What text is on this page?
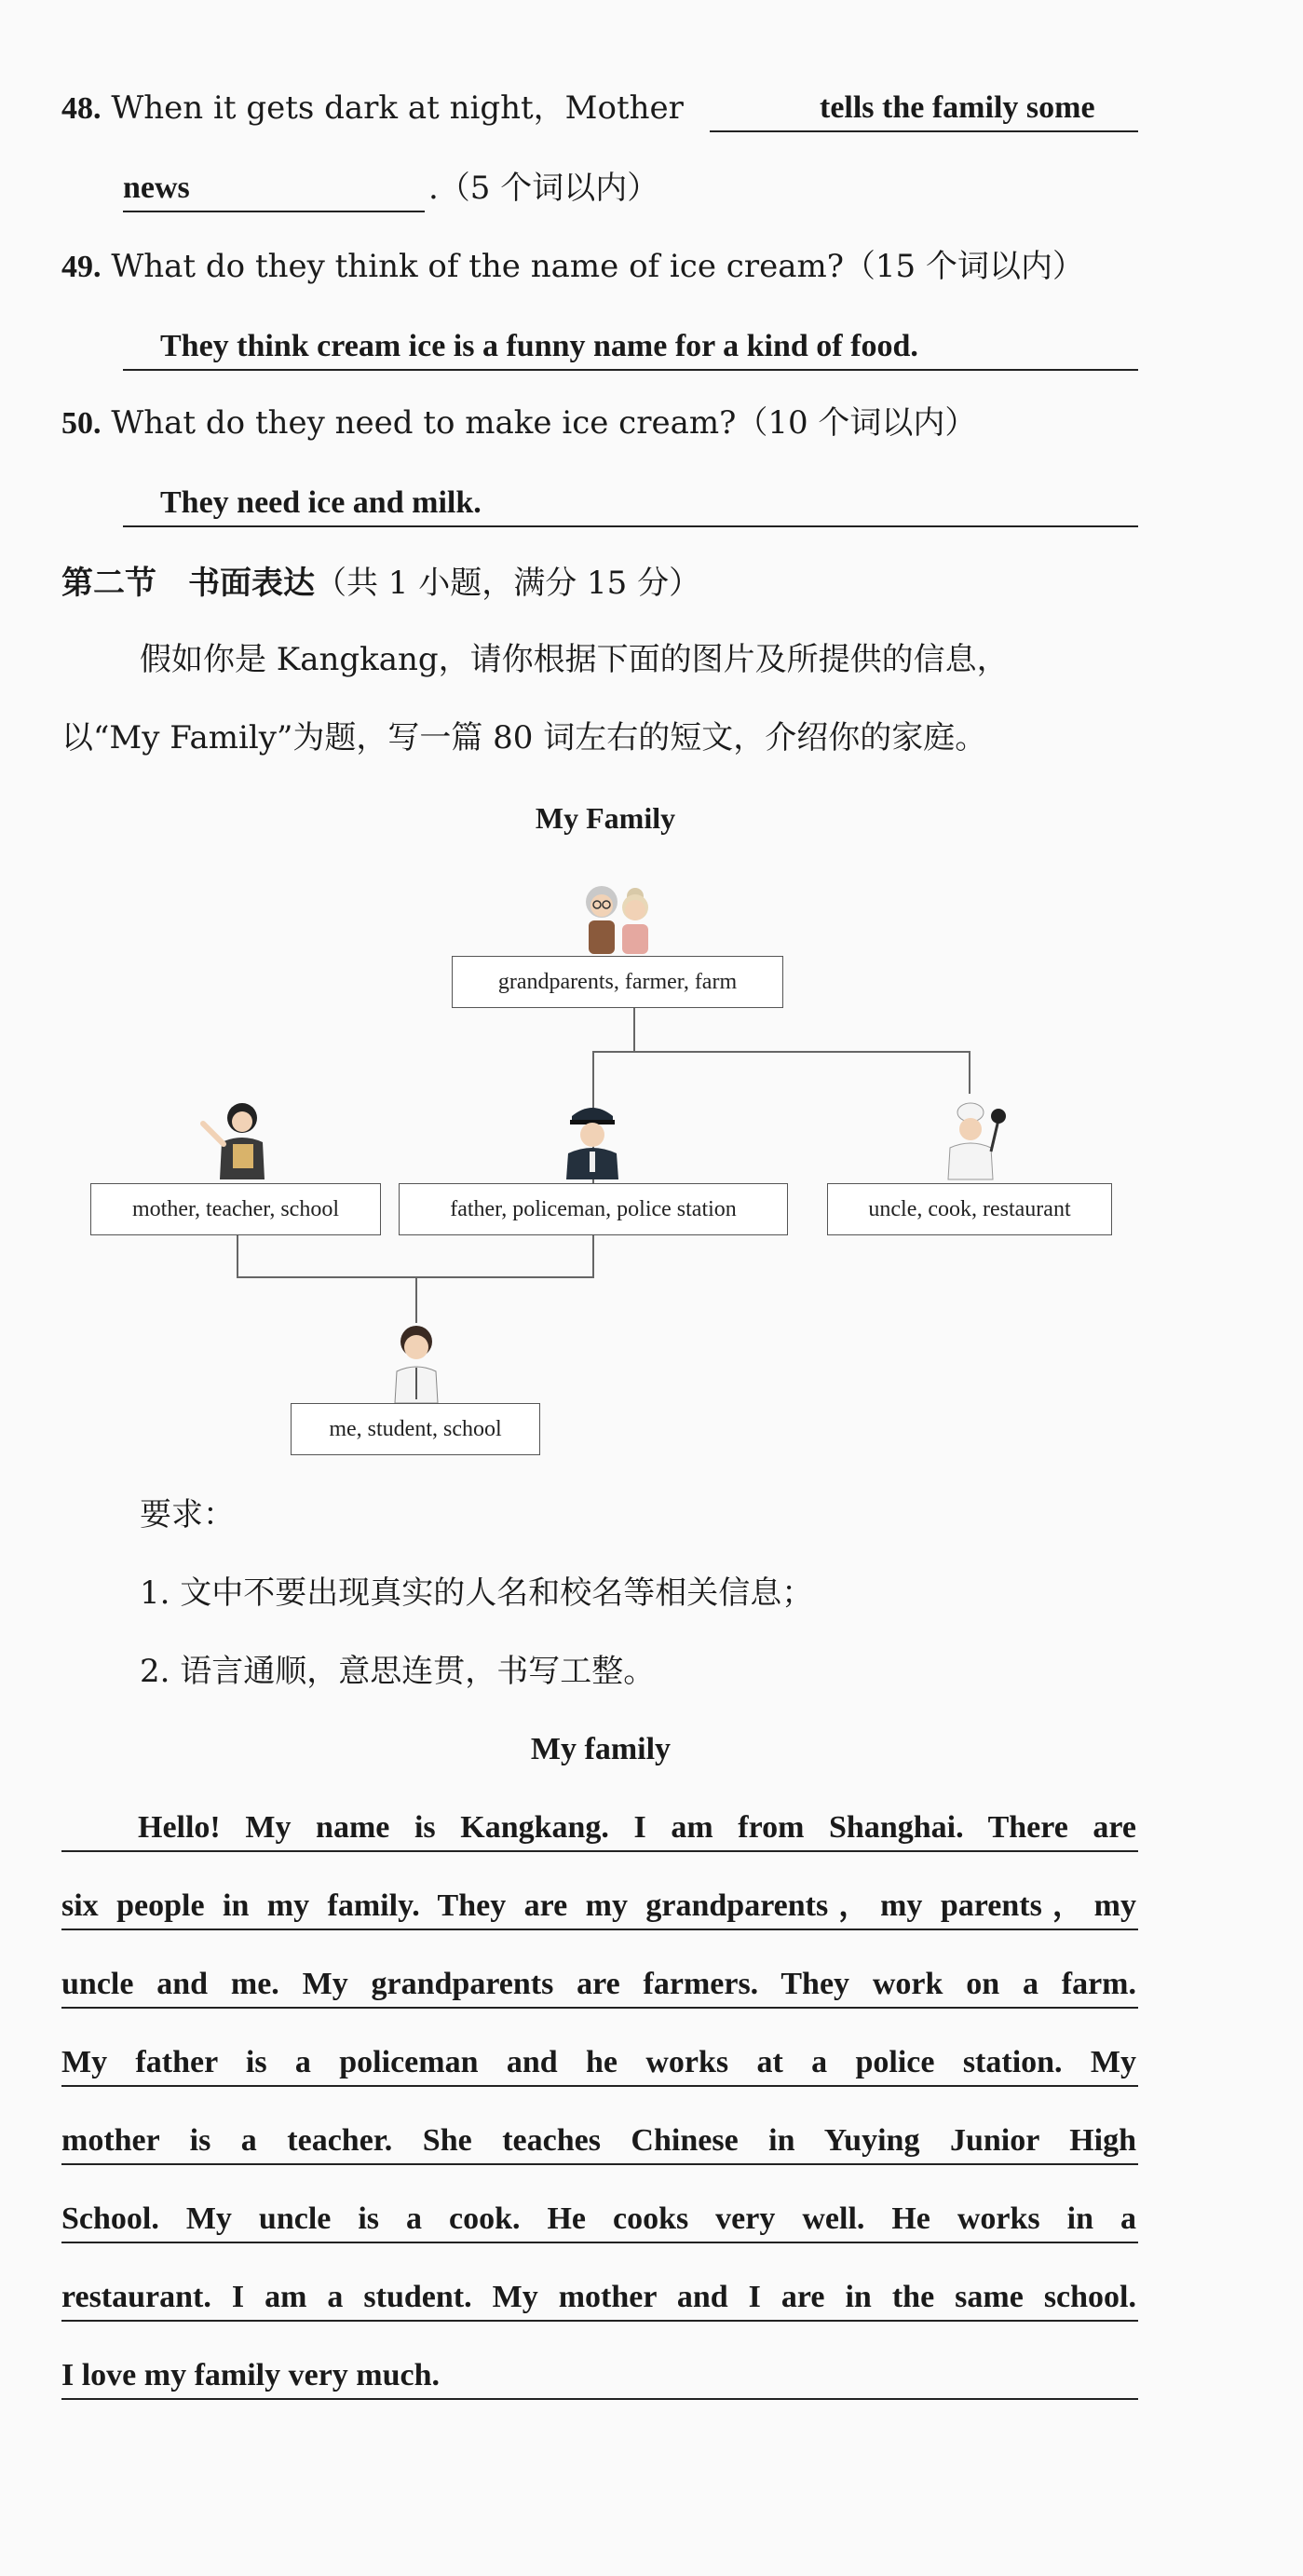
48. When it gets dark at night，Mother	tells the family some
news	.（5 个词以内）
49. What do they think of the name of ice cream?（15 个词以内）
They think cream ice is a funny name for a kind of food.
50. What do they need to make ice cream?（10 个词以内）
They need ice and milk.
第二节　书面表达（共 1 小题，满分 15 分）
假如你是 Kangkang，请你根据下面的图片及所提供的信息，
以“My Family”为题，写一篇 80 词左右的短文，介绍你的家庭。
My Family
grandparents, farmer, farm
mother, teacher, school	father, policeman, police station	uncle, cook, restaurant
me, student, school
要求：
1. 文中不要出现真实的人名和校名等相关信息；
2. 语言通顺，意思连贯，书写工整。
My family
Hello! My name is Kangkang. I am from Shanghai. There are
six people in my family. They are my grandparents，my parents，my
uncle and me. My grandparents are farmers. They work on a farm.
My father is a policeman and he works at a police station. My
mother is a teacher. She teaches Chinese in Yuying Junior High
School. My uncle is a cook. He cooks very well. He works in a
restaurant. I am a student. My mother and I are in the same school.
I love my family very much.
